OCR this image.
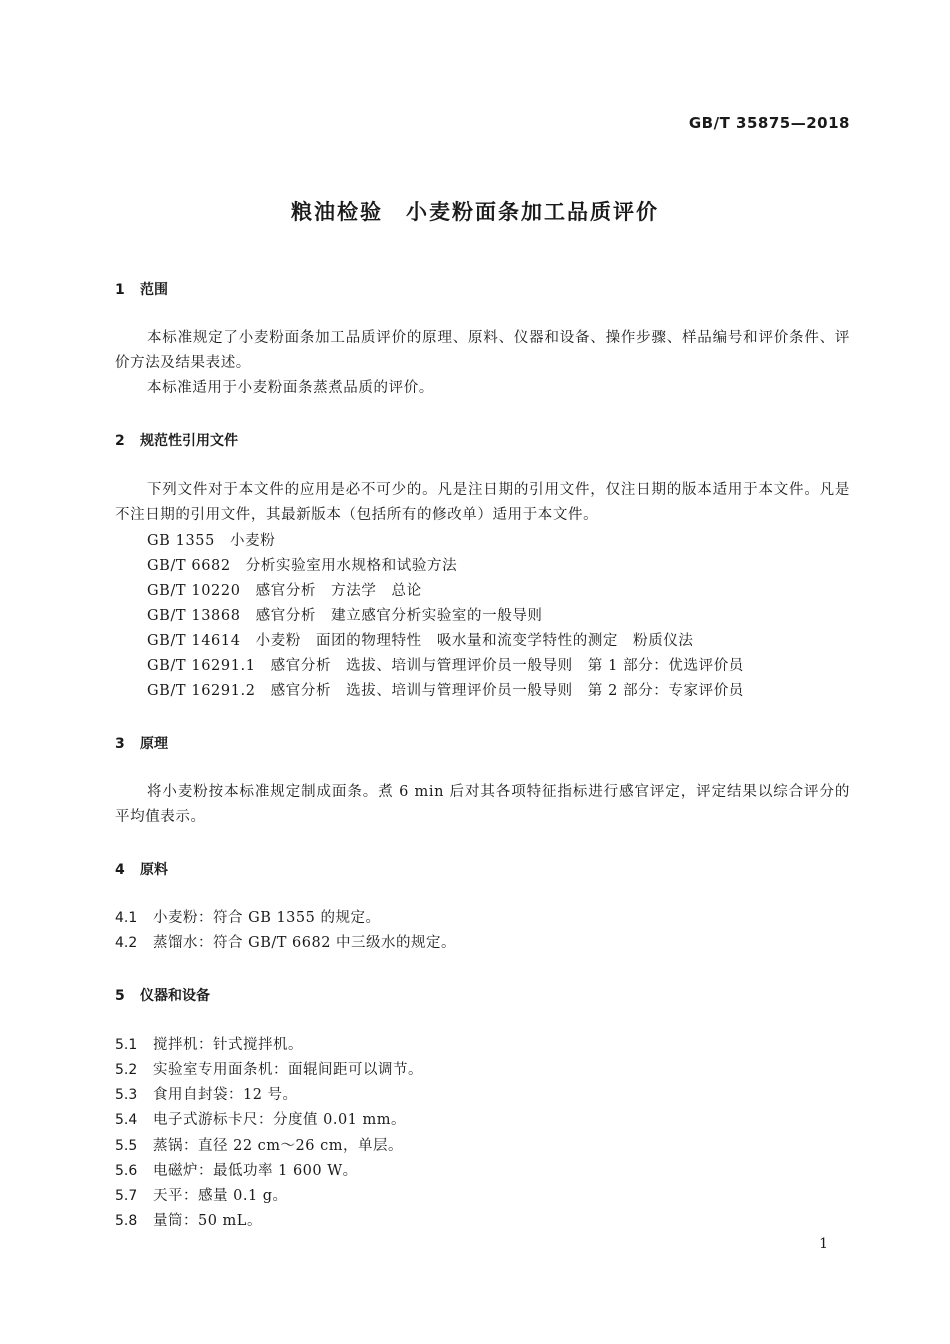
GB/T 35875—2018
粮油检验　小麦粉面条加工品质评价
1 范围
本标准规定了小麦粉面条加工品质评价的原理、原料、仪器和设备、操作步骤、样品编号和评价条件、评价方法及结果表述。
本标准适用于小麦粉面条蒸煮品质的评价。
2 规范性引用文件
下列文件对于本文件的应用是必不可少的。凡是注日期的引用文件，仅注日期的版本适用于本文件。凡是不注日期的引用文件，其最新版本（包括所有的修改单）适用于本文件。
GB 1355　小麦粉
GB/T 6682　分析实验室用水规格和试验方法
GB/T 10220　感官分析　方法学　总论
GB/T 13868　感官分析　建立感官分析实验室的一般导则
GB/T 14614　小麦粉　面团的物理特性　吸水量和流变学特性的测定　粉质仪法
GB/T 16291.1　感官分析　选拔、培训与管理评价员一般导则　第 1 部分：优选评价员
GB/T 16291.2　感官分析　选拔、培训与管理评价员一般导则　第 2 部分：专家评价员
3 原理
将小麦粉按本标准规定制成面条。煮 6 min 后对其各项特征指标进行感官评定，评定结果以综合评分的平均值表示。
4 原料
4.1 小麦粉：符合 GB 1355 的规定。
4.2 蒸馏水：符合 GB/T 6682 中三级水的规定。
5 仪器和设备
5.1 搅拌机：针式搅拌机。
5.2 实验室专用面条机：面辊间距可以调节。
5.3 食用自封袋：12 号。
5.4 电子式游标卡尺：分度值 0.01 mm。
5.5 蒸锅：直径 22 cm～26 cm，单层。
5.6 电磁炉：最低功率 1 600 W。
5.7 天平：感量 0.1 g。
5.8 量筒：50 mL。
1
